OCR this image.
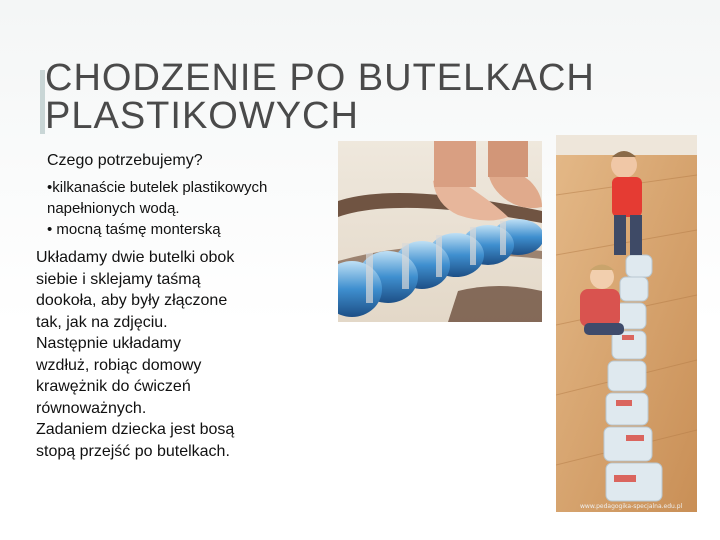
CHODZENIE PO BUTELKACH
PLASTIKOWYCH
Czego potrzebujemy?

•kilkanaście butelek plastikowych

napełnionych wodą.

• mocną taśmę monterską

Układamy dwie butelki obok

siebie i sklejamy taśmą

dookoła, aby były złączone

tak, jak na zdjęciu.

Następnie układamy

wzdłuż, robiąc domowy

krawężnik do ćwiczeń

równoważnych.

Zadaniem dziecka jest bosą

stopą przejść po butelkach.

www.pedagogika-specjalna.edu.pl
